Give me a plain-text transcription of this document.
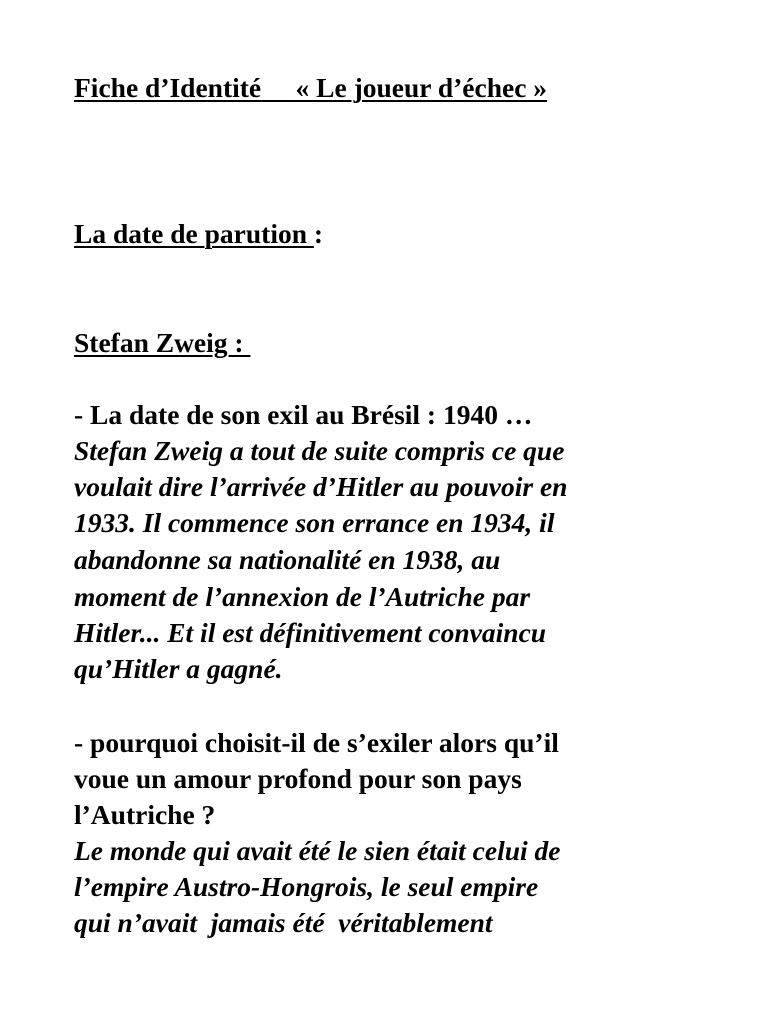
Fiche d’Identité « Le joueur d’échec »
La date de parution :
Stefan Zweig :
- La date de son exil au Brésil : 1940 …
Stefan Zweig a tout de suite compris ce que
voulait dire l’arrivée d’Hitler au pouvoir en
1933. Il commence son errance en 1934, il
abandonne sa nationalité en 1938, au
moment de l’annexion de l’Autriche par
Hitler... Et il est définitivement convaincu
qu’Hitler a gagné.
- pourquoi choisit-il de s’exiler alors qu’il
voue un amour profond pour son pays
l’Autriche ?
Le monde qui avait été le sien était celui de
l’empire Austro-Hongrois, le seul empire
qui n’avait  jamais été  véritablement
